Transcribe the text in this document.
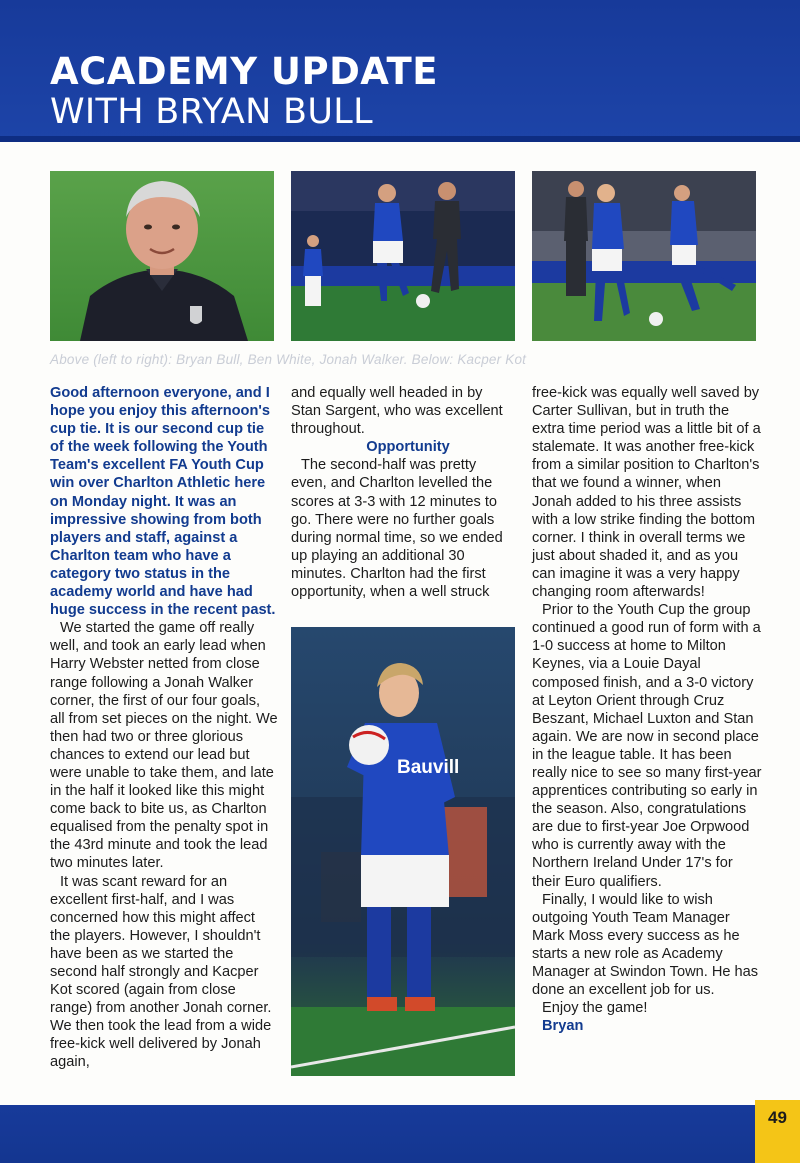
ACADEMY UPDATE
WITH BRYAN BULL
Above (left to right): Bryan Bull, Ben White, Jonah Walker. Below: Kacper Kot

Good afternoon everyone, and I hope you enjoy this afternoon's cup tie. It is our second cup tie of the week following the Youth Team's excellent FA Youth Cup win over Charlton Athletic here on Monday night. It was an impressive showing from both players and staff, against a Charlton team who have a category two status in the academy world and have had huge success in the recent past.

We started the game off really well, and took an early lead when Harry Webster netted from close range following a Jonah Walker corner, the first of our four goals, all from set pieces on the night. We then had two or three glorious chances to extend our lead but were unable to take them, and late in the half it looked like this might come back to bite us, as Charlton equalised from the penalty spot in the 43rd minute and took the lead two minutes later.

It was scant reward for an excellent first-half, and I was concerned how this might affect the players. However, I shouldn't have been as we started the second half strongly and Kacper Kot scored (again from close range) from another Jonah corner. We then took the lead from a wide free-kick well delivered by Jonah again,

and equally well headed in by Stan Sargent, who was excellent throughout.

Opportunity

The second-half was pretty even, and Charlton levelled the scores at 3-3 with 12 minutes to go. There were no further goals during normal time, so we ended up playing an additional 30 minutes. Charlton had the first opportunity, when a well struck

Bauvill

free-kick was equally well saved by Carter Sullivan, but in truth the extra time period was a little bit of a stalemate. It was another free-kick from a similar position to Charlton's that we found a winner, when Jonah added to his three assists with a low strike finding the bottom corner. I think in overall terms we just about shaded it, and as you can imagine it was a very happy changing room afterwards!

Prior to the Youth Cup the group continued a good run of form with a 1-0 success at home to Milton Keynes, via a Louie Dayal composed finish, and a 3-0 victory at Leyton Orient through Cruz Beszant, Michael Luxton and Stan again. We are now in second place in the league table. It has been really nice to see so many first-year apprentices contributing so early in the season. Also, congratulations are due to first-year Joe Orpwood who is currently away with the Northern Ireland Under 17's for their Euro qualifiers.

Finally, I would like to wish outgoing Youth Team Manager Mark Moss every success as he starts a new role as Academy Manager at Swindon Town. He has done an excellent job for us.

Enjoy the game!

Bryan

49
